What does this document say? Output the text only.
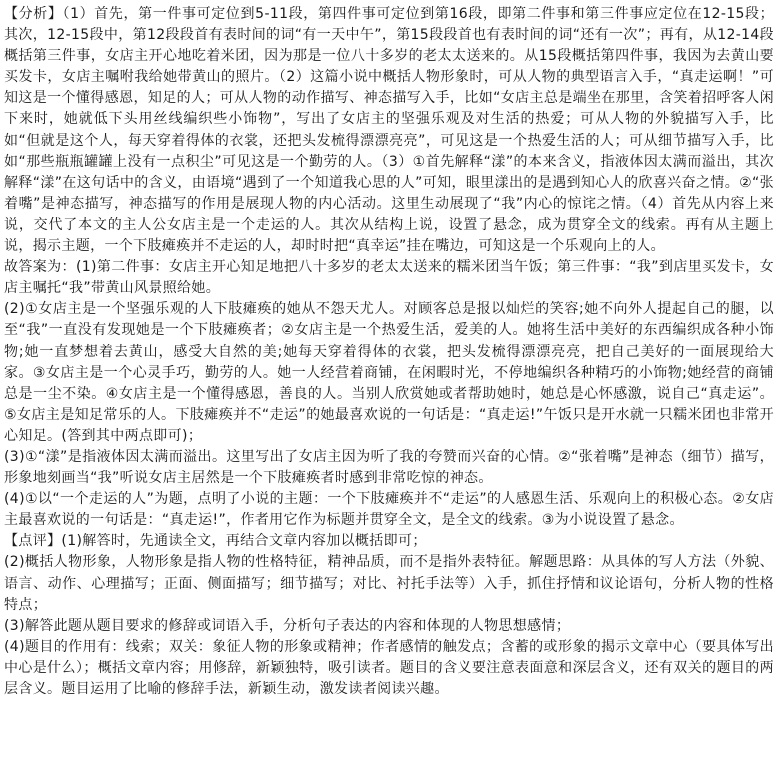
【分析】（1）首先，第一件事可定位到5-11段，第四件事可定位到第16段，即第二件事和第三件事应定位在12-15段；其次，12-15段中，第12段段首有表时间的词“有一天中午”，第15段段首也有表时间的词“还有一次”；再有，从12-14段概括第三件事，女店主开心地吃着米团，因为那是一位八十多岁的老太太送来的。从15段概括第四件事，我因为去黄山要买发卡，女店主嘱咐我给她带黄山的照片。（2）这篇小说中概括人物形象时，可从人物的典型语言入手，“真走运啊！”可知这是一个懂得感恩，知足的人；可从人物的动作描写、神态描写入手，比如“女店主总是端坐在那里，含笑着招呼客人闲下来时，她就低下头用丝线编织些小饰物”，写出了女店主的坚强乐观及对生活的热爱；可从人物的外貌描写入手，比如“但就是这个人，每天穿着得体的衣裳，还把头发梳得漂漂亮亮”，可见这是一个热爱生活的人；可从细节描写入手，比如“那些瓶瓶罐罐上没有一点积尘”可见这是一个勤劳的人。（3）①首先解释“漾”的本来含义，指液体因太满而溢出，其次解释“漾”在这句话中的含义，由语境“遇到了一个知道我心思的人”可知，眼里漾出的是遇到知心人的欣喜兴奋之情。②“张着嘴”是神态描写，神态描写的作用是展现人物的内心活动。这里生动展现了“我”内心的惊诧之情。（4）首先从内容上来说，交代了本文的主人公女店主是一个走运的人。其次从结构上说，设置了悬念，成为贯穿全文的线索。再有从主题上说，揭示主题，一个下肢瘫痪并不走运的人，却时时把“真幸运”挂在嘴边，可知这是一个乐观向上的人。

故答案为：(1)第二件事：女店主开心知足地把八十多岁的老太太送来的糯米团当午饭；第三件事：“我”到店里买发卡，女店主嘱托“我”带黄山风景照给她。

(2)①女店主是一个坚强乐观的人下肢瘫痪的她从不怨天尤人。对顾客总是报以灿烂的笑容;她不向外人提起自己的腿，以至“我”一直没有发现她是一个下肢瘫痪者；②女店主是一个热爱生活，爱美的人。她将生活中美好的东西编织成各种小饰物;她一直梦想着去黄山，感受大自然的美;她每天穿着得体的衣裳，把头发梳得漂漂亮亮，把自己美好的一面展现给大家。③女店主是一个心灵手巧，勤劳的人。她一人经营着商铺，在闲暇时光，不停地编织各种精巧的小饰物;她经营的商铺总是一尘不染。④女店主是一个懂得感恩，善良的人。当别人欣赏她或者帮助她时，她总是心怀感激，说自己“真走运”。⑤女店主是知足常乐的人。下肢瘫痪并不“走运”的她最喜欢说的一句话是：“真走运!”午饭只是开水就一只糯米团也非常开心知足。(答到其中两点即可)；

(3)①“漾”是指液体因太满而溢出。这里写出了女店主因为听了我的夸赞而兴奋的心情。②“张着嘴”是神态（细节）描写，形象地刻画当“我”听说女店主居然是一个下肢瘫痪者时感到非常吃惊的神态。

(4)①以“一个走运的人”为题，点明了小说的主题：一个下肢瘫痪并不“走运”的人感恩生活、乐观向上的积极心态。②女店主最喜欢说的一句话是：“真走运!”，作者用它作为标题并贯穿全文，是全文的线索。③为小说设置了悬念。

【点评】(1)解答时，先通读全文，再结合文章内容加以概括即可；

(2)概括人物形象，人物形象是指人物的性格特征，精神品质，而不是指外表特征。解题思路：从具体的写人方法（外貌、语言、动作、心理描写；正面、侧面描写；细节描写；对比、衬托手法等）入手，抓住抒情和议论语句，分析人物的性格特点；

(3)解答此题从题目要求的修辞或词语入手，分析句子表达的内容和体现的人物思想感情；

(4)题目的作用有：线索；双关：象征人物的形象或精神；作者感情的触发点；含蓄的或形象的揭示文章中心（要具体写出中心是什么）；概括文章内容；用修辞，新颖独特，吸引读者。题目的含义要注意表面意和深层含义，还有双关的题目的两层含义。题目运用了比喻的修辞手法，新颖生动，激发读者阅读兴趣。
